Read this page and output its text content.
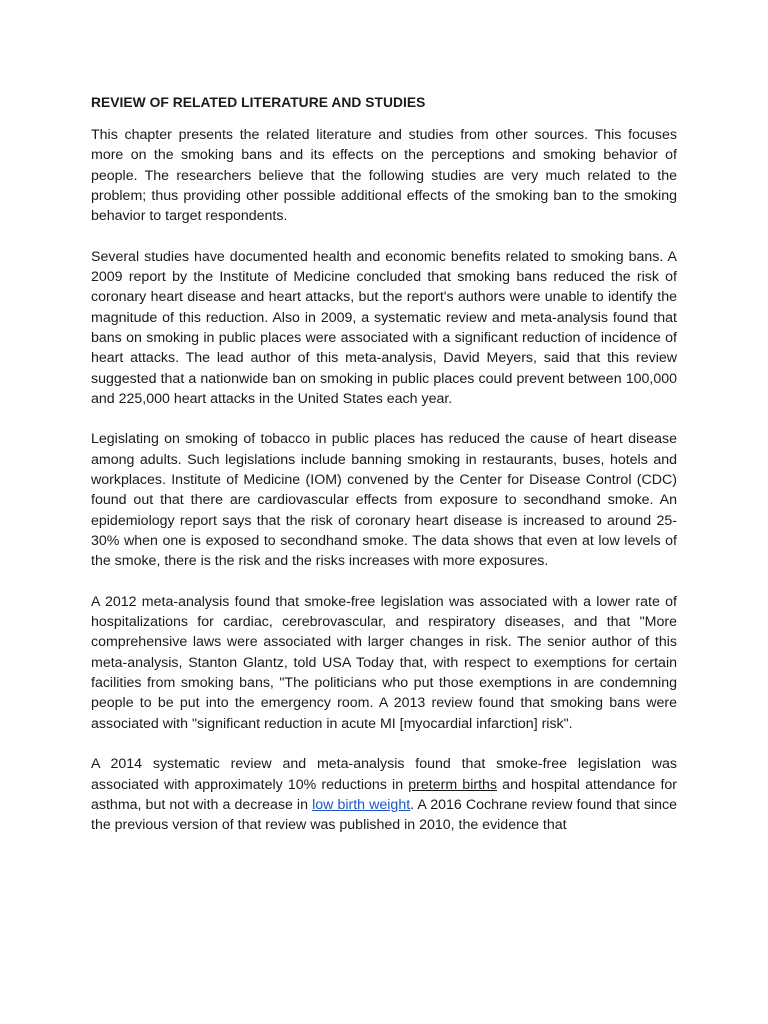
REVIEW OF RELATED LITERATURE AND STUDIES

This chapter presents the related literature and studies from other sources. This focuses more on the smoking bans and its effects on the perceptions and smoking behavior of people. The researchers believe that the following studies are very much related to the problem; thus providing other possible additional effects of the smoking ban to the smoking behavior to target respondents.

Several studies have documented health and economic benefits related to smoking bans. A 2009 report by the Institute of Medicine concluded that smoking bans reduced the risk of coronary heart disease and heart attacks, but the report's authors were unable to identify the magnitude of this reduction. Also in 2009, a systematic review and meta-analysis found that bans on smoking in public places were associated with a significant reduction of incidence of heart attacks. The lead author of this meta-analysis, David Meyers, said that this review suggested that a nationwide ban on smoking in public places could prevent between 100,000 and 225,000 heart attacks in the United States each year.

Legislating on smoking of tobacco in public places has reduced the cause of heart disease among adults. Such legislations include banning smoking in restaurants, buses, hotels and workplaces. Institute of Medicine (IOM) convened by the Center for Disease Control (CDC) found out that there are cardiovascular effects from exposure to secondhand smoke. An epidemiology report says that the risk of coronary heart disease is increased to around 25-30% when one is exposed to secondhand smoke. The data shows that even at low levels of the smoke, there is the risk and the risks increases with more exposures.

A 2012 meta-analysis found that smoke-free legislation was associated with a lower rate of hospitalizations for cardiac, cerebrovascular, and respiratory diseases, and that "More comprehensive laws were associated with larger changes in risk. The senior author of this meta-analysis, Stanton Glantz, told USA Today that, with respect to exemptions for certain facilities from smoking bans, "The politicians who put those exemptions in are condemning people to be put into the emergency room. A 2013 review found that smoking bans were associated with "significant reduction in acute MI [myocardial infarction] risk".

A 2014 systematic review and meta-analysis found that smoke-free legislation was associated with approximately 10% reductions in preterm births and hospital attendance for asthma, but not with a decrease in low birth weight. A 2016 Cochrane review found that since the previous version of that review was published in 2010, the evidence that
